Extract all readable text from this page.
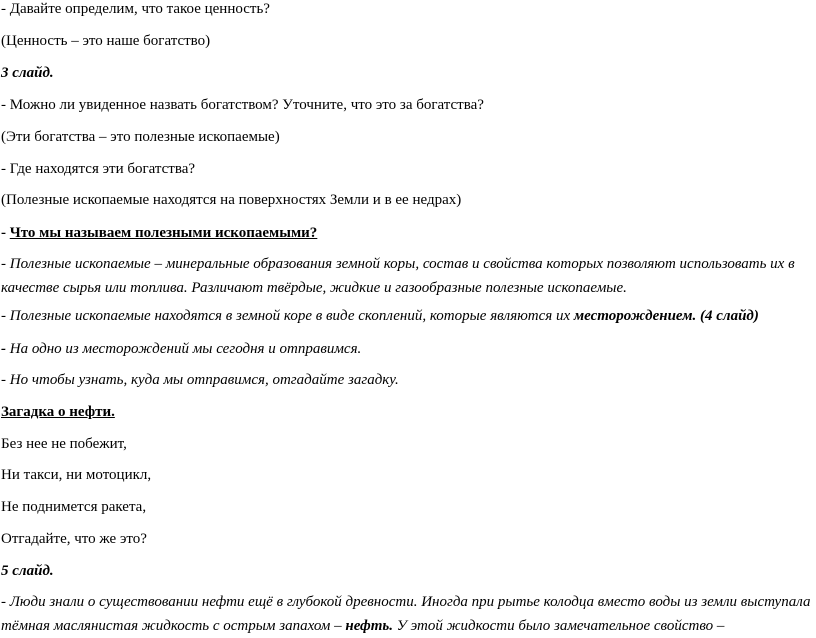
- Давайте определим, что такое ценность?

(Ценность – это наше богатство)

3 слайд.

- Можно ли увиденное назвать богатством? Уточните, что это за богатства?

(Эти богатства – это полезные ископаемые)

- Где находятся эти богатства?

(Полезные ископаемые находятся на поверхностях Земли и в ее недрах)

- Что мы называем полезными ископаемыми?

- Полезные ископаемые – минеральные образования земной коры, состав и свойства которых позволяют использовать их в качестве сырья или топлива. Различают твёрдые, жидкие и газообразные полезные ископаемые.

- Полезные ископаемые находятся в земной коре в виде скоплений, которые являются их месторождением. (4 слайд)

- На одно из месторождений мы сегодня и отправимся.

- Но чтобы узнать, куда мы отправимся, отгадайте загадку.

Загадка о нефти.

Без нее не побежит,

Ни такси, ни мотоцикл,

Не поднимется ракета,

Отгадайте, что же это?

5 слайд.

- Люди знали о существовании нефти ещё в глубокой древности. Иногда при рытье колодца вместо воды из земли выступала тёмная маслянистая жидкость с острым запахом – нефть. У этой жидкости было замечательное свойство –
